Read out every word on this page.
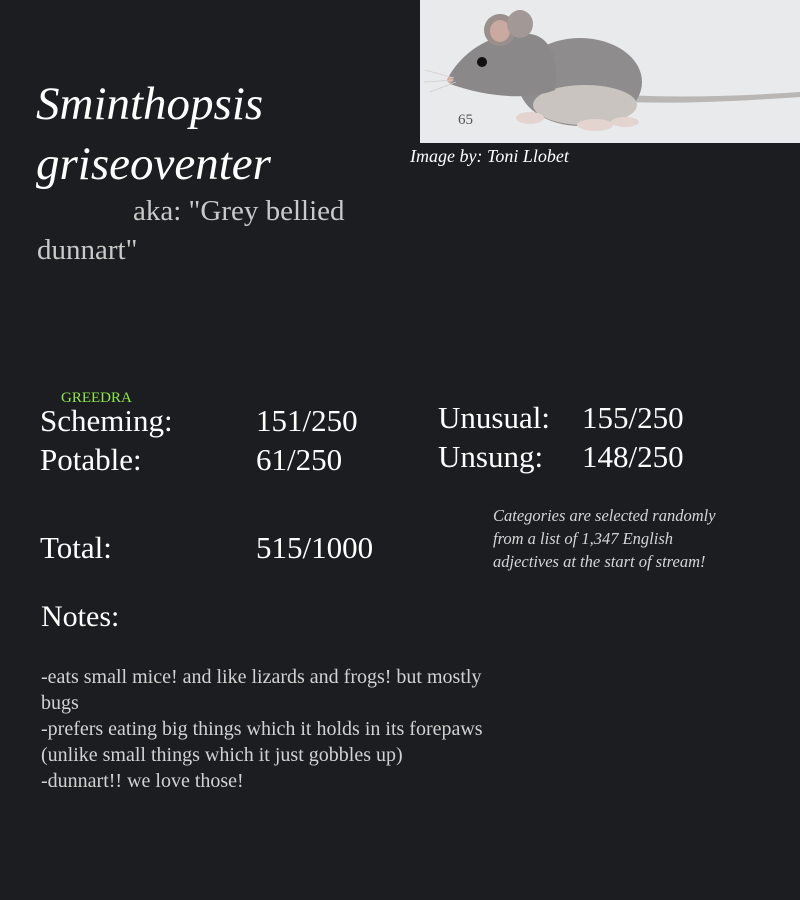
65
Image by: Toni Llobet
Sminthopsis griseoventer
aka: "Grey bellied dunnart"
GREEDRA
Scheming:	151/250
Potable:	61/250
Unusual: 155/250
Unsung: 148/250
Total:	515/1000
Categories are selected randomly from a list of 1,347 English adjectives at the start of stream!
Notes:
-eats small mice! and like lizards and frogs! but mostly bugs
-prefers eating big things which it holds in its forepaws (unlike small things which it just gobbles up)
-dunnart!! we love those!
